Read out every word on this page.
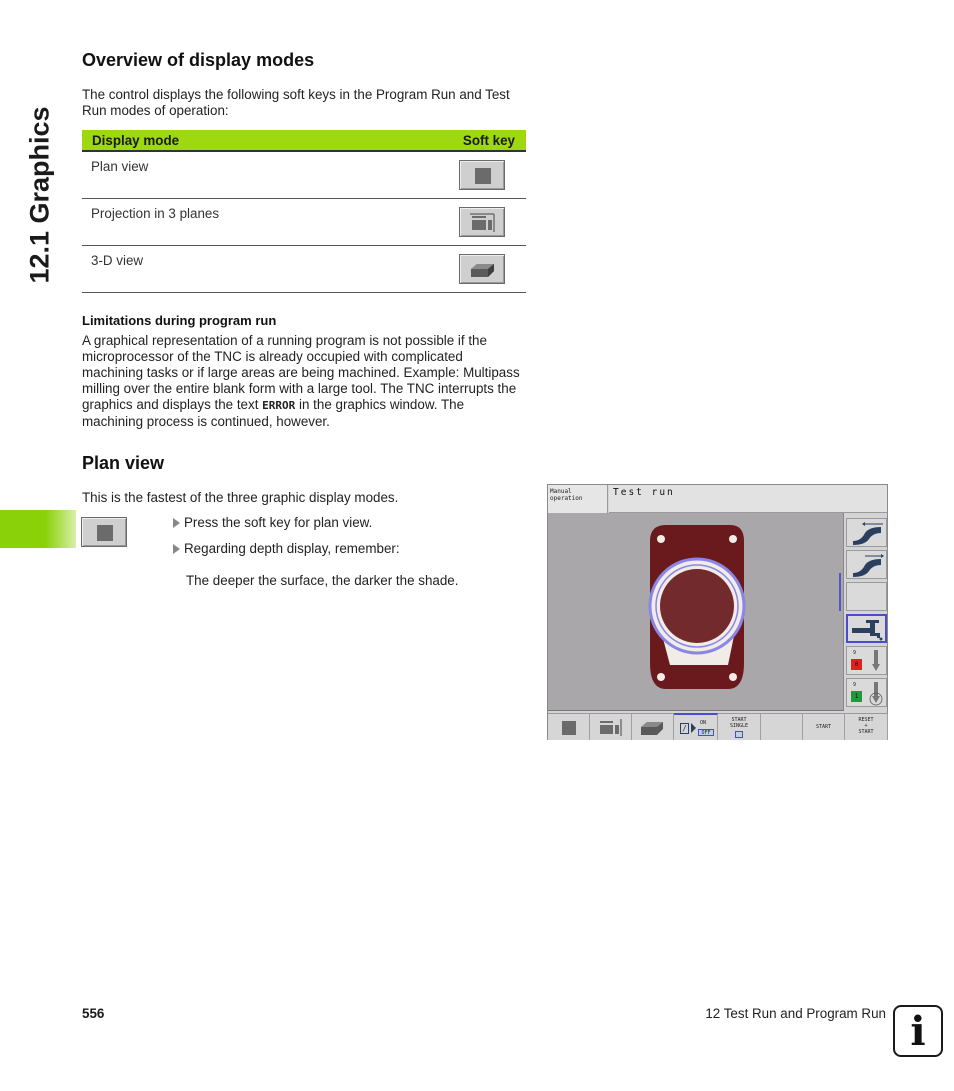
12.1 Graphics
Overview of display modes

The control displays the following soft keys in the Program Run and Test Run modes of operation:

Display mode	Soft key
Plan view	

Projection in 3 planes	

3-D view	
Limitations during program run

A graphical representation of a running program is not possible if the microprocessor of the TNC is already occupied with complicated machining tasks or if large areas are being machined. Example: Multipass milling over the entire blank form with a large tool. The TNC interrupts the graphics and displays the text ERROR in the graphics window. The machining process is continued, however.

Plan view

This is the fastest of the three graphic display modes.

Press the soft key for plan view.
Regarding depth display, remember:

The deeper the surface, the darker the shade.

Manual
operation
Test run
9
0
9
1
/
ON
OFF
START
SINGLE	START
RESET
+
START
556	12 Test Run and Program Run i
